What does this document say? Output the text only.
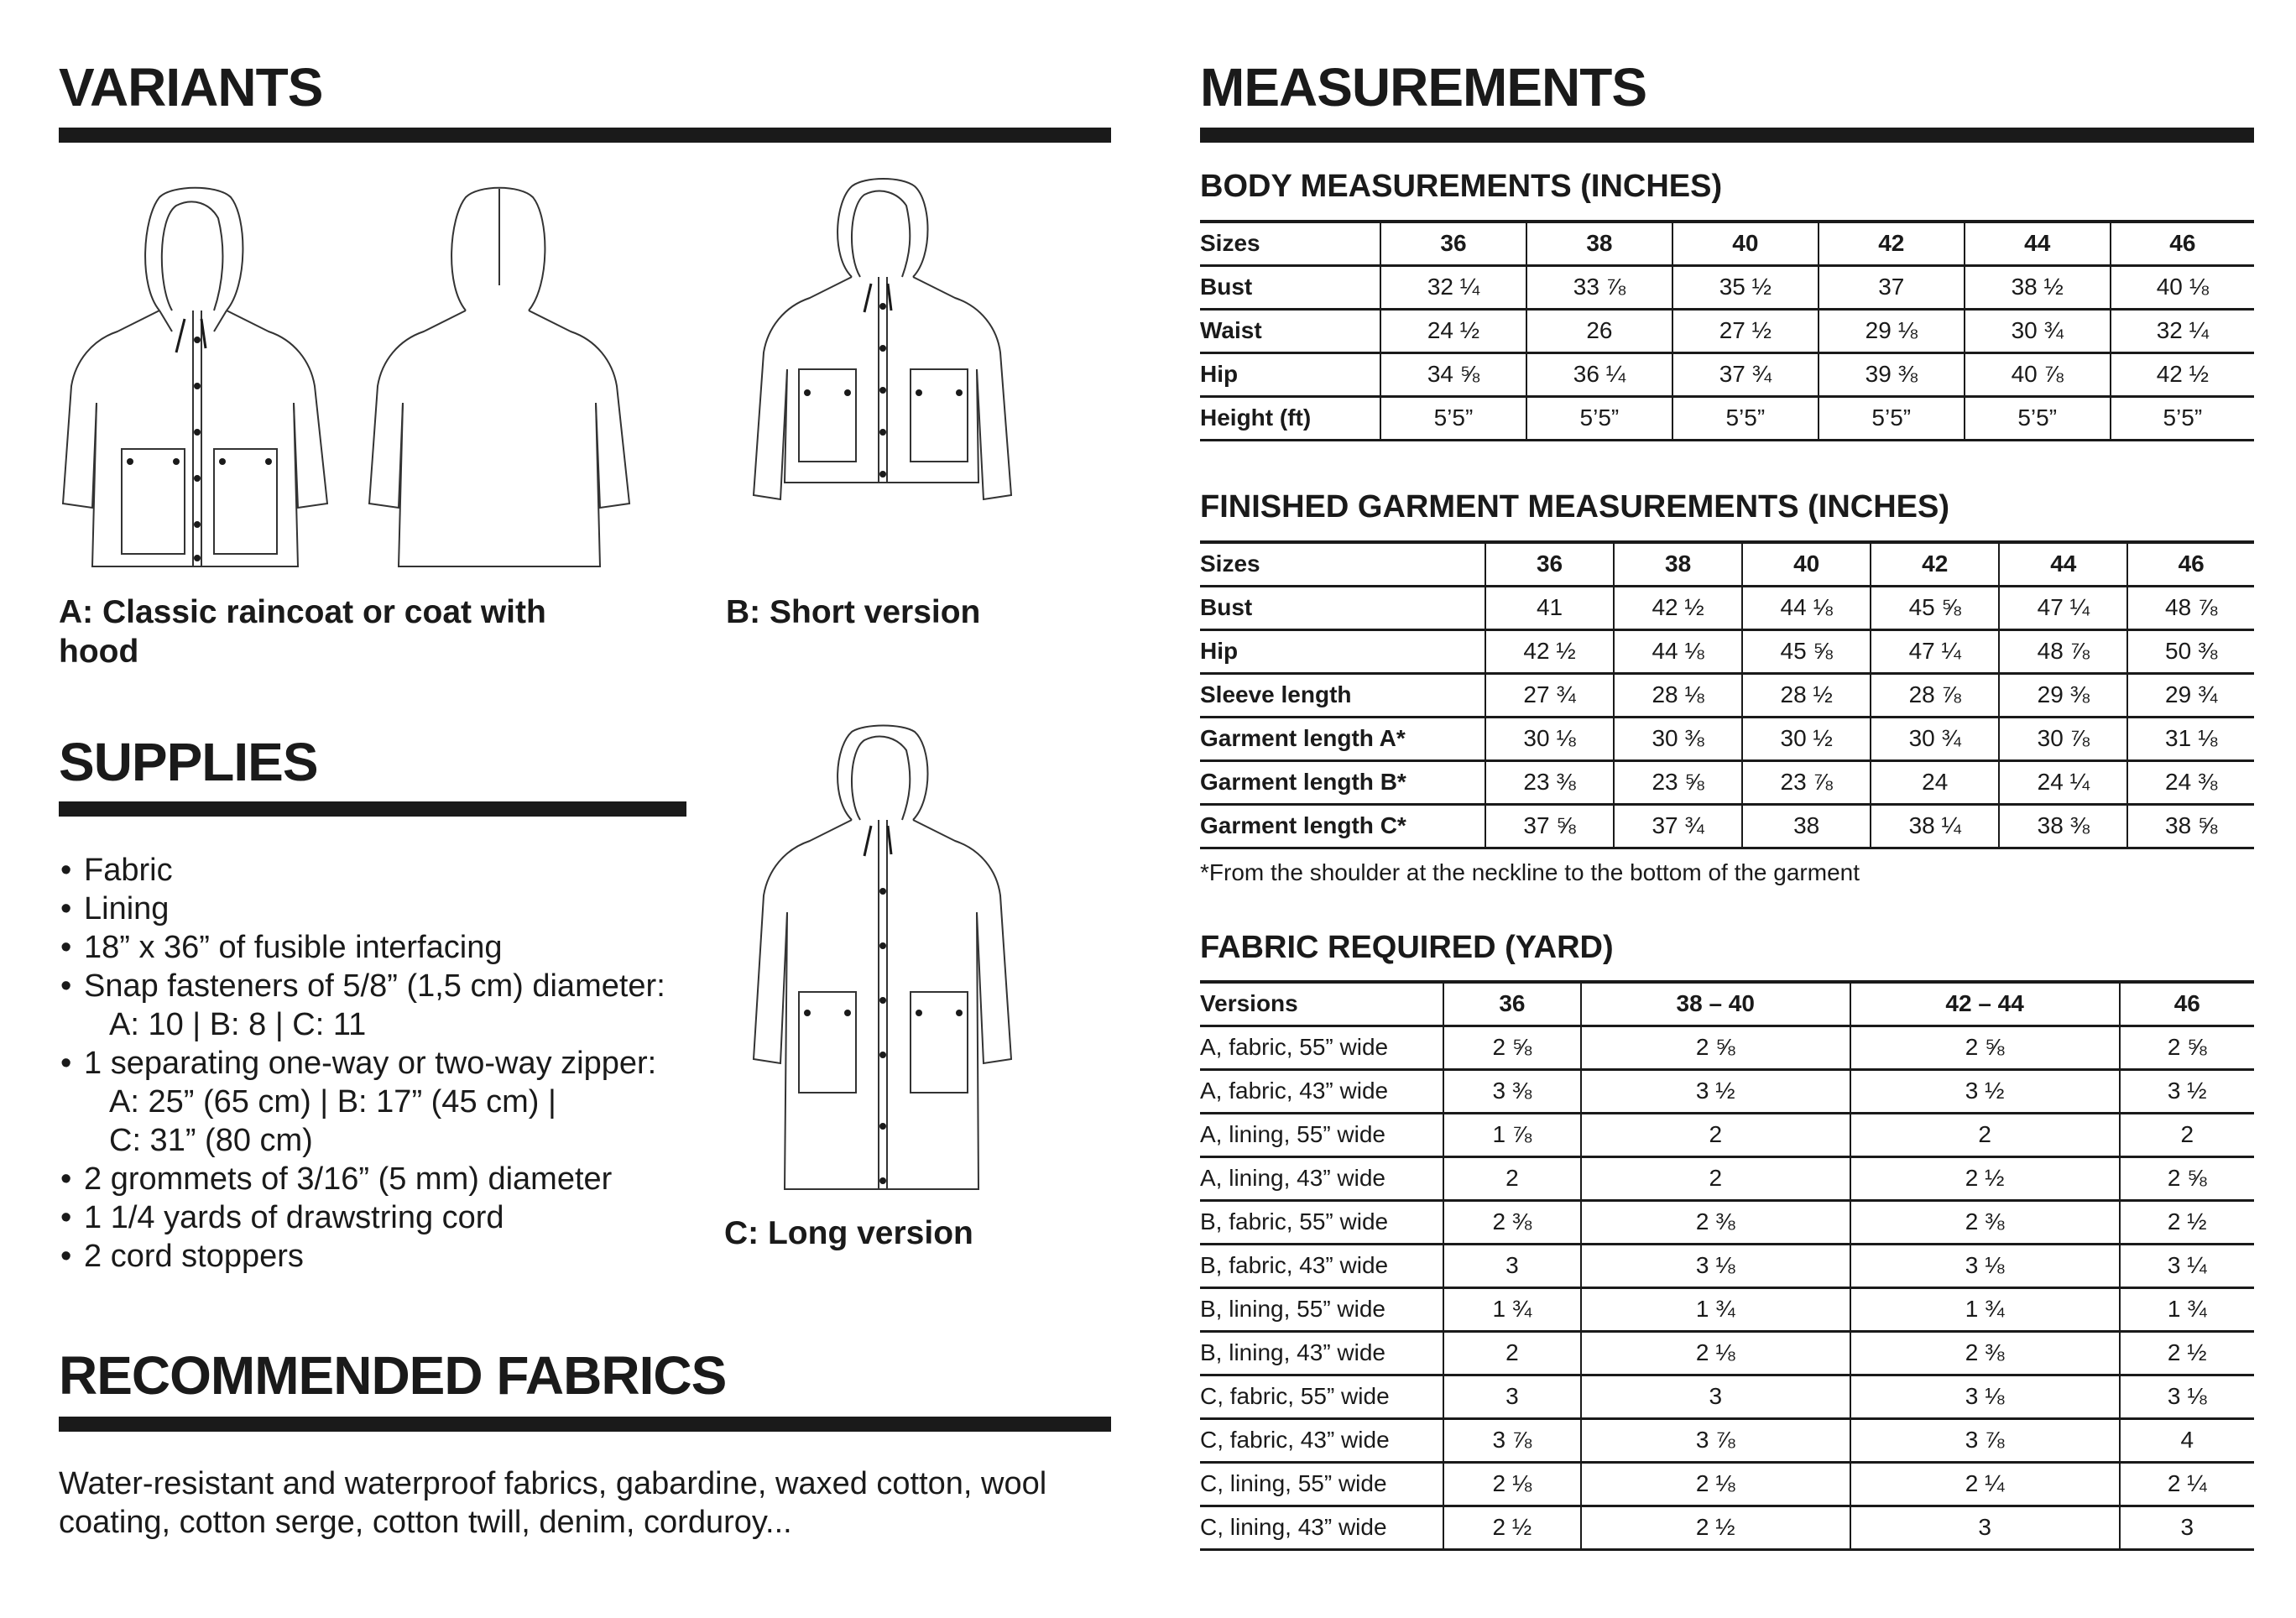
VARIANTS
A: Classic raincoat or coat with hood
B: Short version
SUPPLIES
• Fabric
• Lining
• 18” x 36” of fusible interfacing
• Snap fasteners of 5/8” (1,5 cm) diameter:
A: 10 | B: 8 | C: 11
• 1 separating one-way or two-way zipper:
A: 25” (65 cm) | B: 17” (45 cm) |
C: 31” (80 cm)
• 2 grommets of 3/16” (5 mm) diameter
• 1 1/4 yards of drawstring cord
• 2 cord stoppers
C: Long version
RECOMMENDED FABRICS

Water-resistant and waterproof fabrics, gabardine, waxed cotton, wool coating, cotton serge, cotton twill, denim, corduroy...

MEASUREMENTS
BODY MEASUREMENTS (INCHES)
Sizes	36	38	40	42	44	46
Bust	32 ¼	33 ⅞	35 ½	37	38 ½	40 ⅛
Waist	24 ½	26	27 ½	29 ⅛	30 ¾	32 ¼
Hip	34 ⅝	36 ¼	37 ¾	39 ⅜	40 ⅞	42 ½
Height (ft)	5’5”	5’5”	5’5”	5’5”	5’5”	5’5”
FINISHED GARMENT MEASUREMENTS (INCHES)
Sizes	36	38	40	42	44	46
Bust	41	42 ½	44 ⅛	45 ⅝	47 ¼	48 ⅞
Hip	42 ½	44 ⅛	45 ⅝	47 ¼	48 ⅞	50 ⅜
Sleeve length	27 ¾	28 ⅛	28 ½	28 ⅞	29 ⅜	29 ¾
Garment length A*	30 ⅛	30 ⅜	30 ½	30 ¾	30 ⅞	31 ⅛
Garment length B*	23 ⅜	23 ⅝	23 ⅞	24	24 ¼	24 ⅜
Garment length C*	37 ⅝	37 ¾	38	38 ¼	38 ⅜	38 ⅝

*From the shoulder at the neckline to the bottom of the garment

FABRIC REQUIRED (YARD)
Versions	36	38 – 40	42 – 44	46
A, fabric, 55” wide	2 ⅝	2 ⅝	2 ⅝	2 ⅝
A, fabric, 43” wide	3 ⅜	3 ½	3 ½	3 ½
A, lining, 55” wide	1 ⅞	2	2	2
A, lining, 43” wide	2	2	2 ½	2 ⅝
B, fabric, 55” wide	2 ⅜	2 ⅜	2 ⅜	2 ½
B, fabric, 43” wide	3	3 ⅛	3 ⅛	3 ¼
B, lining, 55” wide	1 ¾	1 ¾	1 ¾	1 ¾
B, lining, 43” wide	2	2 ⅛	2 ⅜	2 ½
C, fabric, 55” wide	3	3	3 ⅛	3 ⅛
C, fabric, 43” wide	3 ⅞	3 ⅞	3 ⅞	4
C, lining, 55” wide	2 ⅛	2 ⅛	2 ¼	2 ¼
C, lining, 43” wide	2 ½	2 ½	3	3
